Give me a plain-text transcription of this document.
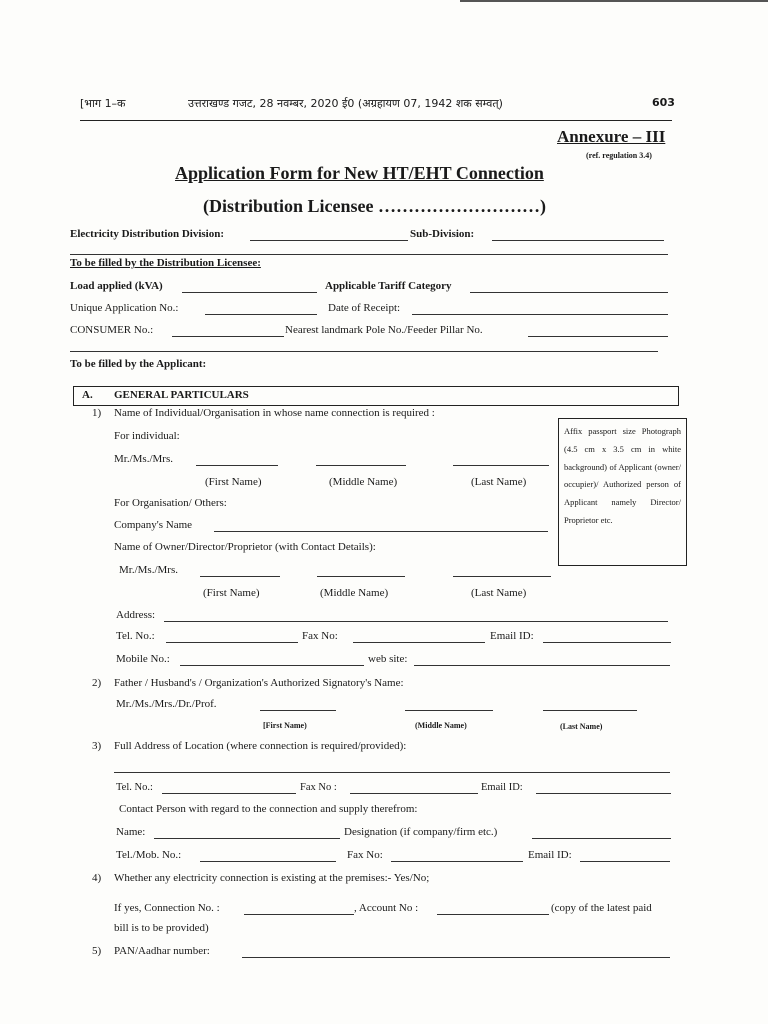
[भाग 1–क	उत्तराखण्ड गजट, 28 नवम्बर, 2020 ई0 (अग्रहायण 07, 1942 शक सम्वत्)	603
Annexure – III
(ref. regulation 3.4)
Application Form for New HT/EHT Connection
(Distribution Licensee ………………………)
Electricity Distribution Division:	Sub-Division:
To be filled by the Distribution Licensee:
Load applied (kVA)	Applicable Tariff Category
Unique Application No.:	Date of Receipt:
CONSUMER No.:	Nearest landmark Pole No./Feeder Pillar No.
To be filled by the Applicant:
A. GENERAL PARTICULARS
Affix passport size Photograph (4.5 cm x 3.5 cm in white background) of Applicant (owner/ occupier)/ Authorized person of Applicant namely Director/ Proprietor etc.
1) Name of Individual/Organisation in whose name connection is required :
For individual:
Mr./Ms./Mrs.
(First Name)	(Middle Name)	(Last Name)
For Organisation/ Others:
Company's Name
Name of Owner/Director/Proprietor (with Contact Details):
Mr./Ms./Mrs.
(First Name)	(Middle Name)	(Last Name)
Address:
Tel. No.:	Fax No:	Email ID:
Mobile No.:	web site:
2) Father / Husband's / Organization's Authorized Signatory's Name:
Mr./Ms./Mrs./Dr./Prof.
[First Name)	(Middle Name)	(Last Name)
3) Full Address of Location (where connection is required/provided):
Tel. No.:	Fax No :	Email ID:
Contact Person with regard to the connection and supply therefrom:
Name:	Designation (if company/firm etc.)
Tel./Mob. No.:	Fax No:	Email ID:
4) Whether any electricity connection is existing at the premises:- Yes/No;
If yes, Connection No. :	, Account No :	(copy of the latest paid
bill is to be provided)
5) PAN/Aadhar number:
